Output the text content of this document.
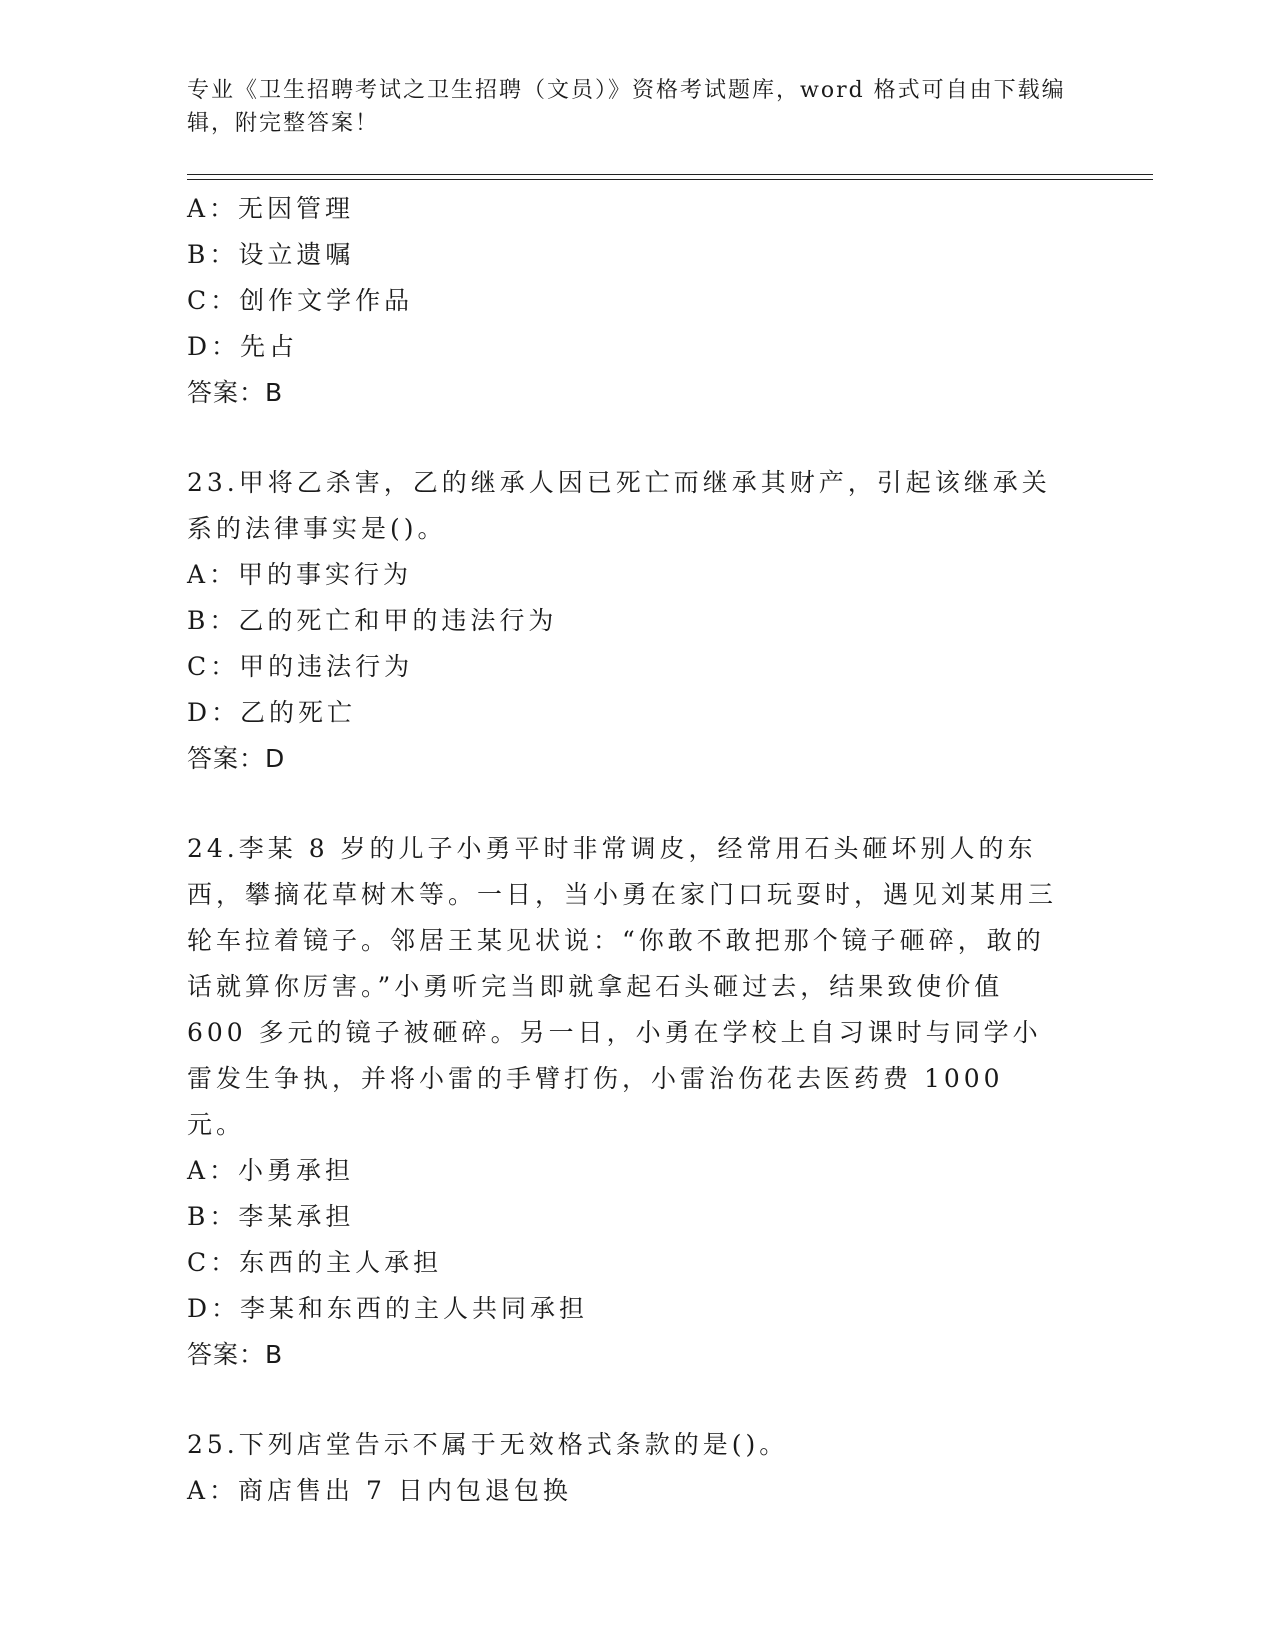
专业《卫生招聘考试之卫生招聘（文员）》资格考试题库，word 格式可自由下载编辑，附完整答案！
A：无因管理
B：设立遗嘱
C：创作文学作品
D：先占
答案：B
23.甲将乙杀害，乙的继承人因已死亡而继承其财产，引起该继承关系的法律事实是()。
A：甲的事实行为
B：乙的死亡和甲的违法行为
C：甲的违法行为
D：乙的死亡
答案：D
24.李某 8 岁的儿子小勇平时非常调皮，经常用石头砸坏别人的东西，攀摘花草树木等。一日，当小勇在家门口玩耍时，遇见刘某用三轮车拉着镜子。邻居王某见状说：“你敢不敢把那个镜子砸碎，敢的话就算你厉害。”小勇听完当即就拿起石头砸过去，结果致使价值 600 多元的镜子被砸碎。另一日，小勇在学校上自习课时与同学小雷发生争执，并将小雷的手臂打伤，小雷治伤花去医药费 1000 元。
A：小勇承担
B：李某承担
C：东西的主人承担
D：李某和东西的主人共同承担
答案：B
25.下列店堂告示不属于无效格式条款的是()。
A：商店售出 7 日内包退包换
